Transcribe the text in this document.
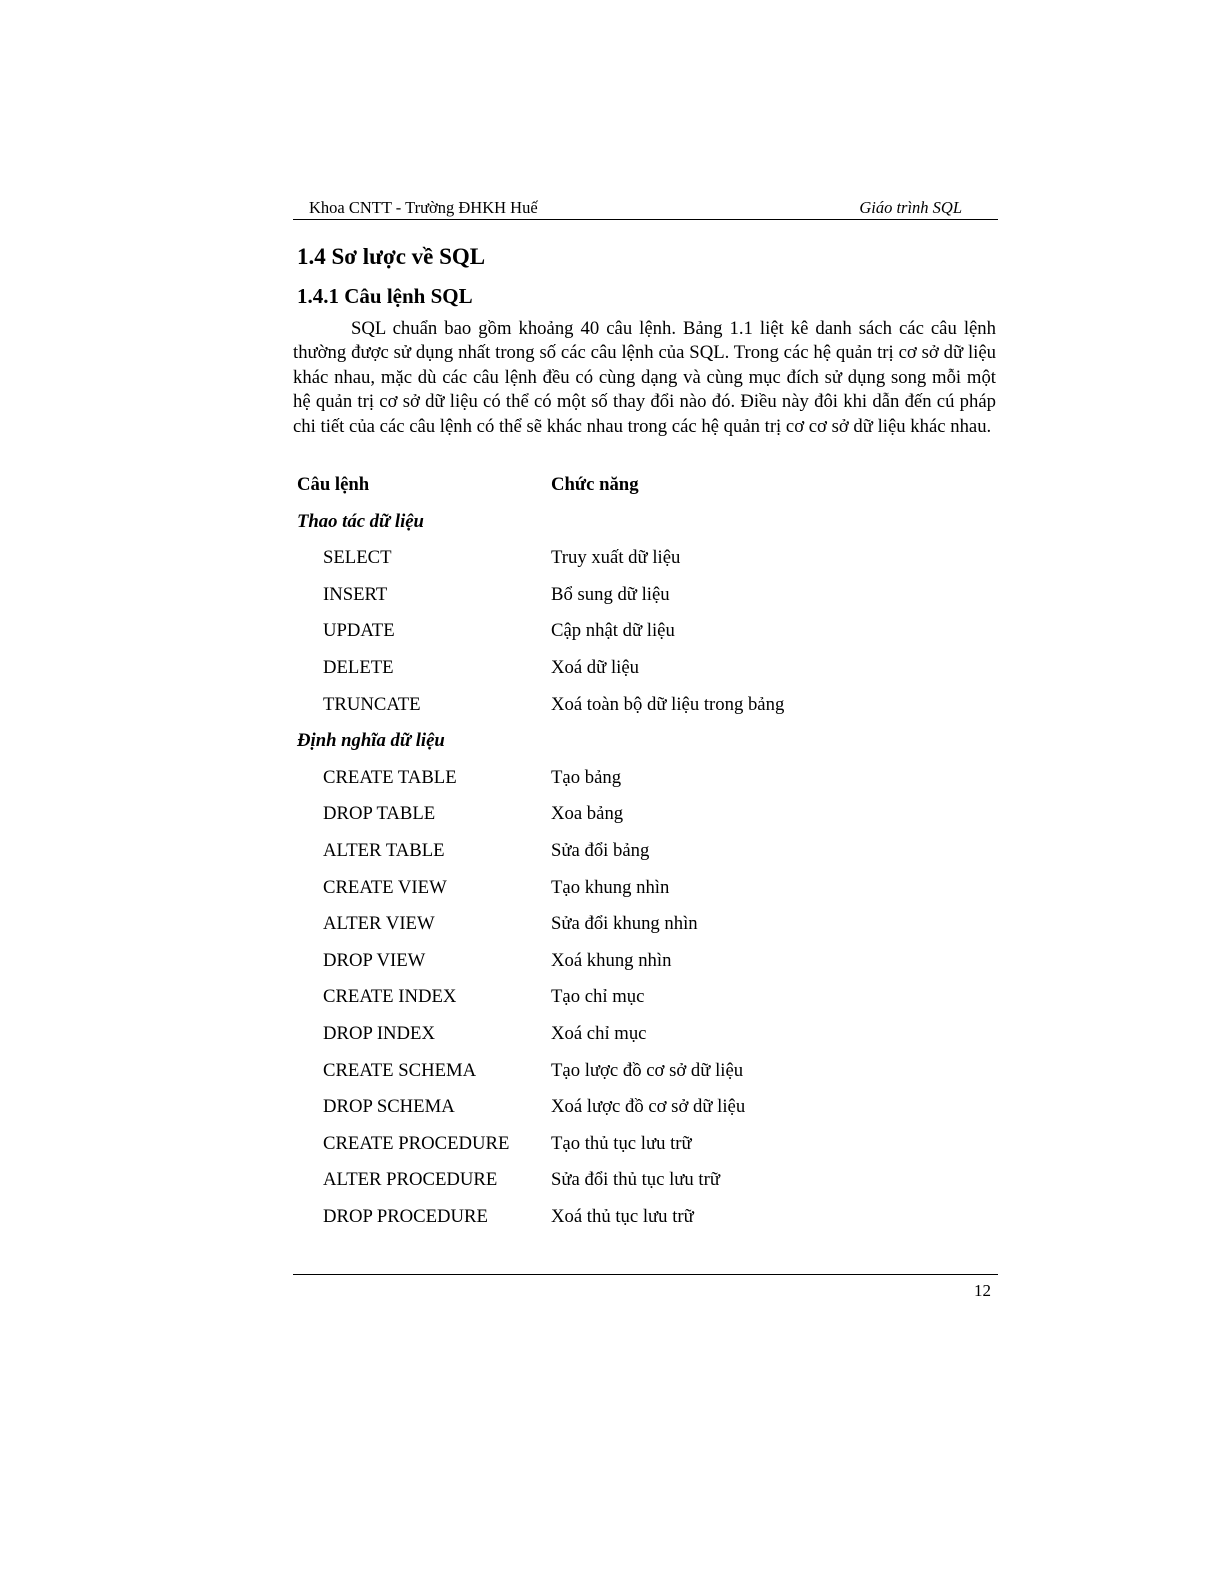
Khoa CNTT - Trường ĐHKH Huế	Giáo trình SQL
1.4 Sơ lược về SQL
1.4.1 Câu lệnh SQL
SQL chuẩn bao gồm khoảng 40 câu lệnh. Bảng 1.1 liệt kê danh sách các câu lệnh thường được sử dụng nhất trong số các câu lệnh của SQL. Trong các hệ quản trị cơ sở dữ liệu khác nhau, mặc dù các câu lệnh đều có cùng dạng và cùng mục đích sử dụng song mỗi một hệ quản trị cơ sở dữ liệu có thể có một số thay đổi nào đó. Điều này đôi khi dẫn đến cú pháp chi tiết của các câu lệnh có thể sẽ khác nhau trong các hệ quản trị cơ cơ sở dữ liệu khác nhau.
Câu lệnh	Chức năng
Thao tác dữ liệu
SELECT	Truy xuất dữ liệu
INSERT	Bổ sung dữ liệu
UPDATE	Cập nhật dữ liệu
DELETE	Xoá dữ liệu
TRUNCATE	Xoá toàn bộ dữ liệu trong bảng
Định nghĩa dữ liệu
CREATE TABLE	Tạo bảng
DROP TABLE	Xoa bảng
ALTER TABLE	Sửa đổi bảng
CREATE VIEW	Tạo khung nhìn
ALTER VIEW	Sửa đổi khung nhìn
DROP VIEW	Xoá khung nhìn
CREATE INDEX	Tạo chỉ mục
DROP INDEX	Xoá chỉ mục
CREATE SCHEMA	Tạo lược đồ cơ sở dữ liệu
DROP SCHEMA	Xoá lược đồ cơ sở dữ liệu
CREATE PROCEDURE Tạo thủ tục lưu trữ
ALTER PROCEDURE	Sửa đổi thủ tục lưu trữ
DROP PROCEDURE	Xoá thủ tục lưu trữ
12
